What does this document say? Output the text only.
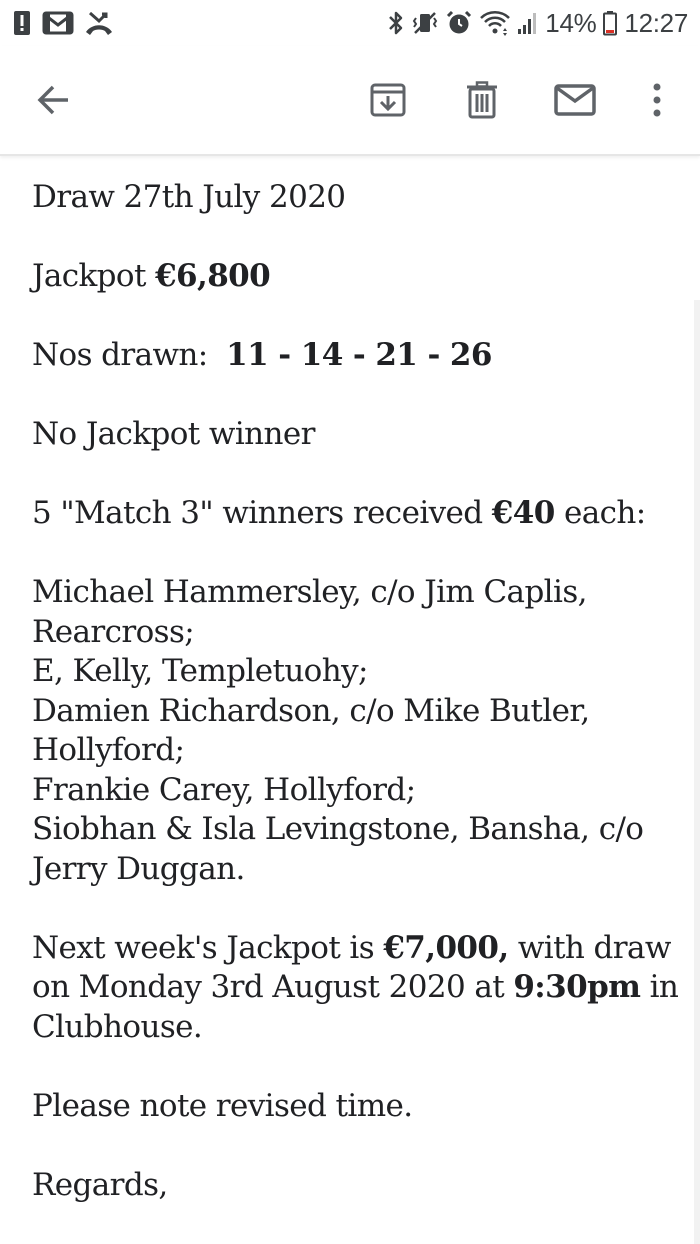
14% 12:27

Draw 27th July 2020

Jackpot €6,800

Nos drawn:  11 - 14 - 21 - 26

No Jackpot winner

5 "Match 3" winners received €40 each:

Michael Hammersley, c/o Jim Caplis, Rearcross;
E, Kelly, Templetuohy;
Damien Richardson, c/o Mike Butler, Hollyford;
Frankie Carey, Hollyford;
Siobhan & Isla Levingstone, Bansha, c/o Jerry Duggan.

Next week's Jackpot is €7,000, with draw on Monday 3rd August 2020 at 9:30pm in Clubhouse.

Please note revised time.

Regards,
